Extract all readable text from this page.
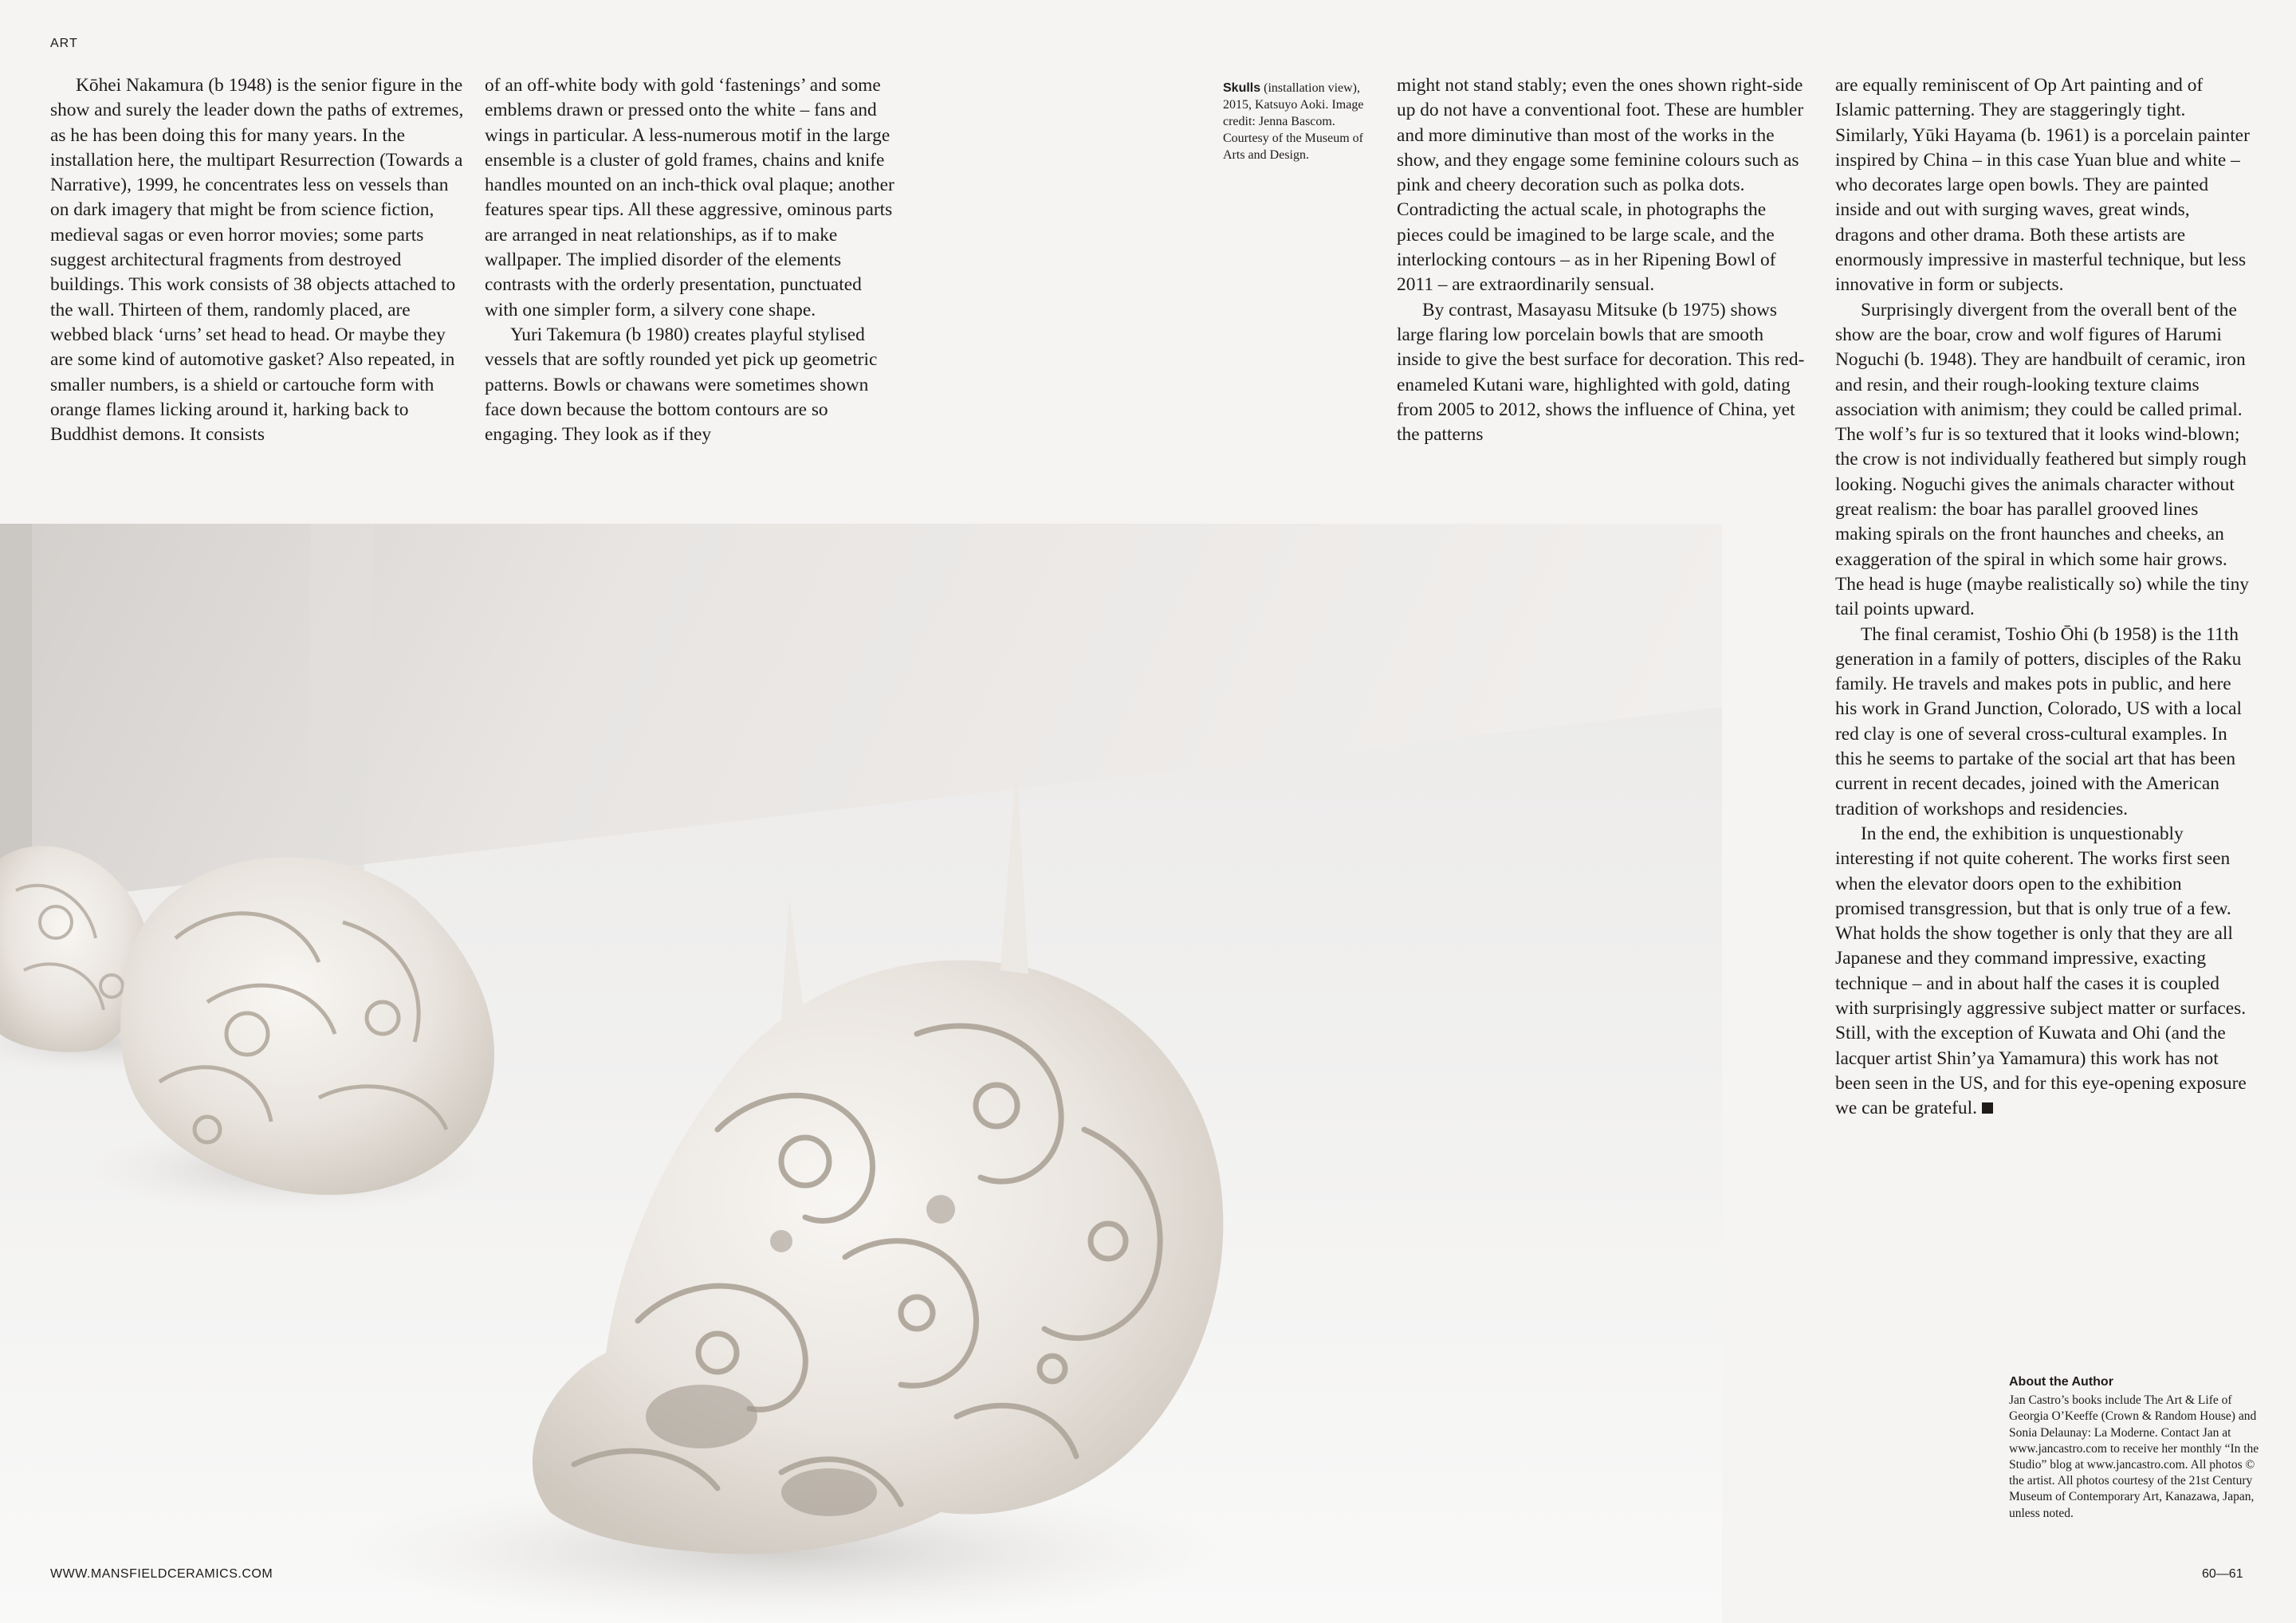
ART

Kōhei Nakamura (b 1948) is the senior figure in the show and surely the leader down the paths of extremes, as he has been doing this for many years. In the installation here, the multipart Resurrection (Towards a Narrative), 1999, he concentrates less on vessels than on dark imagery that might be from science fiction, medieval sagas or even horror movies; some parts suggest architectural fragments from destroyed buildings. This work consists of 38 objects attached to the wall. Thirteen of them, randomly placed, are webbed black ‘urns’ set head to head. Or maybe they are some kind of automotive gasket? Also repeated, in smaller numbers, is a shield or cartouche form with orange flames licking around it, harking back to Buddhist demons. It consists

of an off-white body with gold ‘fastenings’ and some emblems drawn or pressed onto the white – fans and wings in particular. A less-numerous motif in the large ensemble is a cluster of gold frames, chains and knife handles mounted on an inch-thick oval plaque; another features spear tips. All these aggressive, ominous parts are arranged in neat relationships, as if to make wallpaper. The implied disorder of the elements contrasts with the orderly presentation, punctuated with one simpler form, a silvery cone shape.

Yuri Takemura (b 1980) creates playful stylised vessels that are softly rounded yet pick up geometric patterns. Bowls or chawans were sometimes shown face down because the bottom contours are so engaging. They look as if they

Skulls (installation view), 2015, Katsuyo Aoki. Image credit: Jenna Bascom. Courtesy of the Museum of Arts and Design.

might not stand stably; even the ones shown right-side up do not have a conventional foot. These are humbler and more diminutive than most of the works in the show, and they engage some feminine colours such as pink and cheery decoration such as polka dots. Contradicting the actual scale, in photographs the pieces could be imagined to be large scale, and the interlocking contours – as in her Ripening Bowl of 2011 – are extraordinarily sensual.

By contrast, Masayasu Mitsuke (b 1975) shows large flaring low porcelain bowls that are smooth inside to give the best surface for decoration. This red-enameled Kutani ware, highlighted with gold, dating from 2005 to 2012, shows the influence of China, yet the patterns

are equally reminiscent of Op Art painting and of Islamic patterning. They are staggeringly tight. Similarly, Yūki Hayama (b. 1961) is a porcelain painter inspired by China – in this case Yuan blue and white – who decorates large open bowls. They are painted inside and out with surging waves, great winds, dragons and other drama. Both these artists are enormously impressive in masterful technique, but less innovative in form or subjects.

Surprisingly divergent from the overall bent of the show are the boar, crow and wolf figures of Harumi Noguchi (b. 1948). They are handbuilt of ceramic, iron and resin, and their rough-looking texture claims association with animism; they could be called primal. The wolf’s fur is so textured that it looks wind-blown; the crow is not individually feathered but simply rough looking. Noguchi gives the animals character without great realism: the boar has parallel grooved lines making spirals on the front haunches and cheeks, an exaggeration of the spiral in which some hair grows. The head is huge (maybe realistically so) while the tiny tail points upward.

The final ceramist, Toshio Ōhi (b 1958) is the 11th generation in a family of potters, disciples of the Raku family. He travels and makes pots in public, and here his work in Grand Junction, Colorado, US with a local red clay is one of several cross-cultural examples. In this he seems to partake of the social art that has been current in recent decades, joined with the American tradition of workshops and residencies.

In the end, the exhibition is unquestionably interesting if not quite coherent. The works first seen when the elevator doors open to the exhibition promised transgression, but that is only true of a few. What holds the show together is only that they are all Japanese and they command impressive, exacting technique – and in about half the cases it is coupled with surprisingly aggressive subject matter or surfaces. Still, with the exception of Kuwata and Ohi (and the lacquer artist Shin’ya Yamamura) this work has not been seen in the US, and for this eye-opening exposure we can be grateful.

About the Author
Jan Castro’s books include The Art & Life of Georgia O’Keeffe (Crown & Random House) and Sonia Delaunay: La Moderne. Contact Jan at www.jancastro.com to receive her monthly “In the Studio” blog at www.jancastro.com. All photos © the artist. All photos courtesy of the 21st Century Museum of Contemporary Art, Kanazawa, Japan, unless noted.
WWW.MANSFIELDCERAMICS.COM	60—61
